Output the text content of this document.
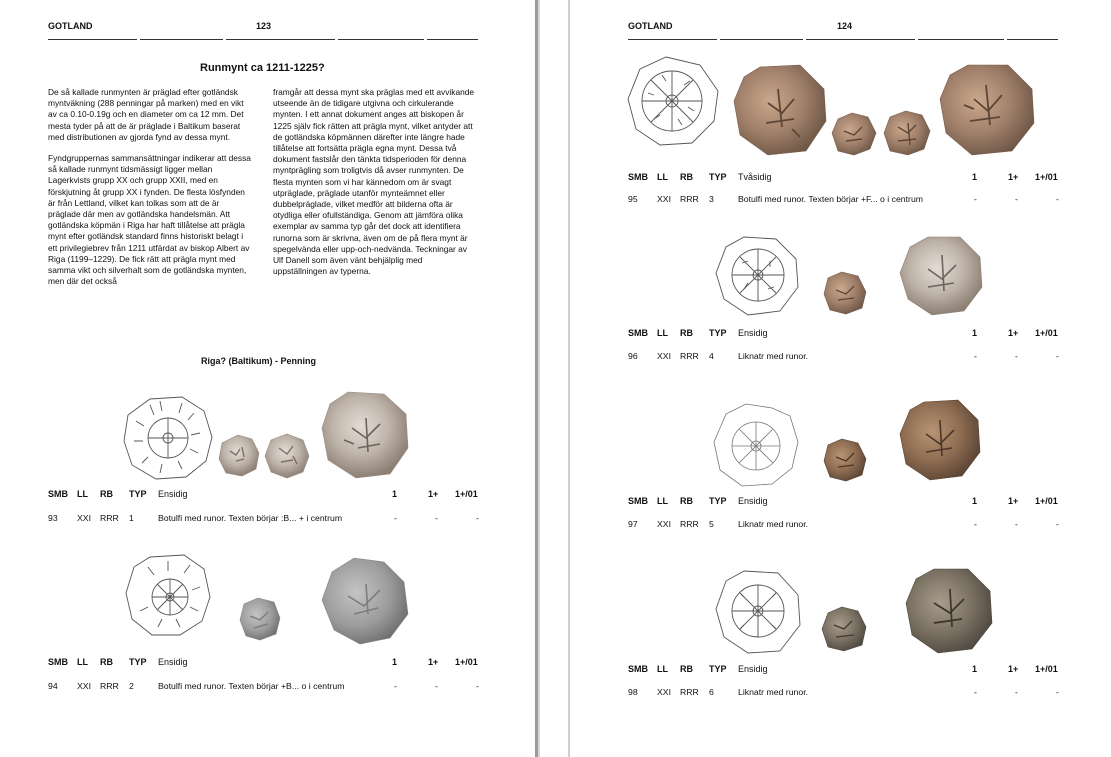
GOTLAND	123
Runmynt ca 1211-1225?

De så kallade runmynten är präglad efter gotländsk myntväkning (288 penningar på marken) med en vikt av ca 0.10-0.19g och en diameter om ca 12 mm. Det mesta tyder på att de är präglade i Baltikum baserat med distributionen av gjorda fynd av dessa mynt.

Fyndgruppernas sammansättningar indikerar att dessa så kallade runmynt tidsmässigt ligger mellan Lagerkvists grupp XX och grupp XXII, med en förskjutning åt grupp XX i fynden. De flesta lösfynden är från Lettland, vilket kan tolkas som att de är präglade där men av gotländska handelsmän. Att gotländska köpmän i Riga har haft tillåtelse att prägla mynt efter gotländsk standard finns historiskt belagt i ett privilegiebrev från 1211 utfärdat av biskop Albert av Riga (1199–1229). De fick rätt att prägla mynt med samma vikt och silverhalt som de gotländska mynten, men där det också

framgår att dessa mynt ska präglas med ett avvikande utseende än de tidigare utgivna och cirkulerande mynten. I ett annat dokument anges att biskopen år 1225 själv fick rätten att prägla mynt, vilket antyder att de gotländska köpmännen därefter inte längre hade tillåtelse att fortsätta prägla egna mynt. Dessa två dokument fastslår den tänkta tidsperioden för denna myntprägling som troligtvis då avser runmynten. De flesta mynten som vi har kännedom om är svagt utpräglade, präglade utanför mynteämnet eller dubbelpräglade, vilket medför att bilderna ofta är otydliga eller ofullständiga. Genom att jämföra olika exemplar av samma typ går det dock att identifiera runorna som är skrivna, även om de på flera mynt är spegelvända eller upp-och-nedvända. Teckningar av Ulf Danell som även vänt behjälplig med uppställningen av typerna.

Riga? (Baltikum) - Penning
SMB LL RB TYP Ensidig	1	1+ 1+/01
93 XXI RRR 1	Botulfi med runor. Texten börjar :B... + i centrum	-	-	-
SMB LL RB TYP Ensidig	1	1+ 1+/01
94 XXI RRR 2	Botulfi med runor. Texten börjar +B... o i centrum	-	-	-
GOTLAND	124
SMB LL RB TYP Tvåsidig	1	1+ 1+/01
95 XXI RRR 3	Botulfi med runor. Texten börjar +F... o i centrum	-	-	-
SMB LL RB TYP Ensidig	1	1+ 1+/01
96 XXI RRR 4	Liknatr med runor.	-	-	-
SMB LL RB TYP Ensidig	1	1+ 1+/01
97 XXI RRR 5	Liknatr med runor.	-	-	-
SMB LL RB TYP Ensidig	1	1+ 1+/01
98 XXI RRR 6	Liknatr med runor.	-	-	-
